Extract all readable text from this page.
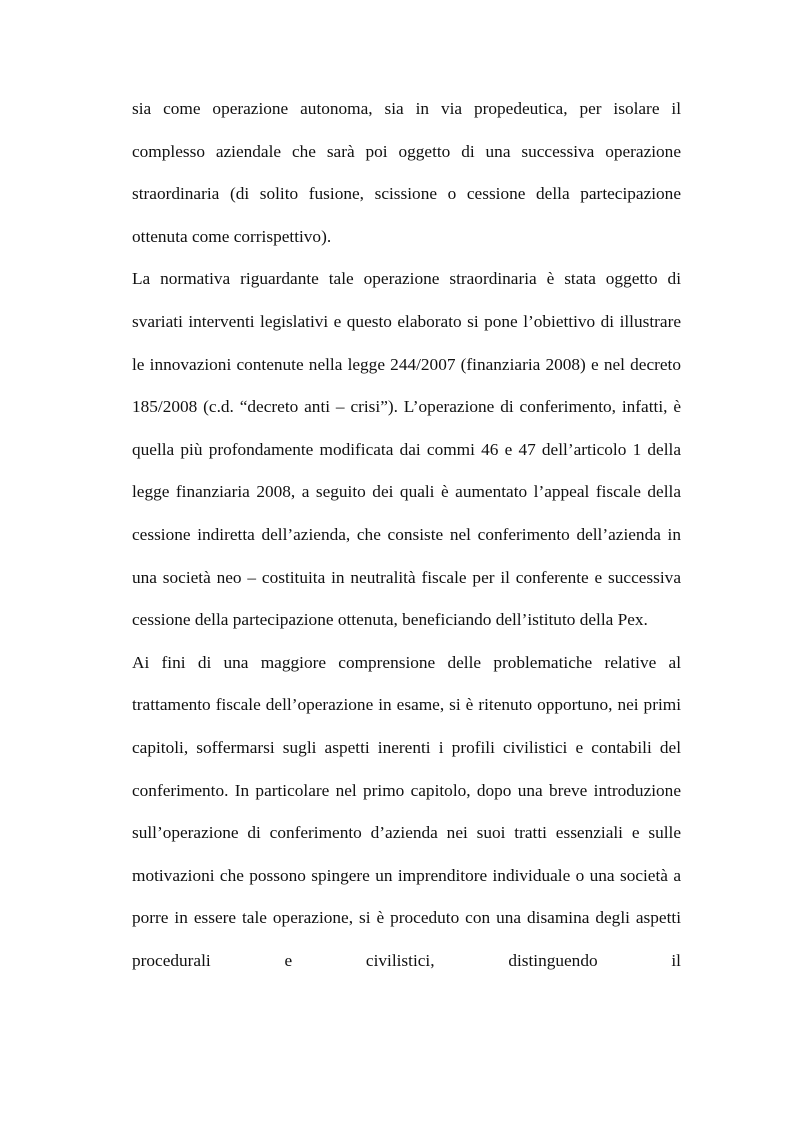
sia come operazione autonoma, sia in via propedeutica, per isolare il complesso aziendale che sarà poi oggetto di una successiva operazione straordinaria (di solito fusione, scissione o cessione della partecipazione ottenuta come corrispettivo).

La normativa riguardante tale operazione straordinaria è stata oggetto di svariati interventi legislativi e questo elaborato si pone l’obiettivo di illustrare le innovazioni contenute nella legge 244/2007 (finanziaria 2008) e nel decreto 185/2008 (c.d. “decreto anti – crisi”). L’operazione di conferimento, infatti, è quella più profondamente modificata dai commi 46 e 47 dell’articolo 1 della legge finanziaria 2008, a seguito dei quali è aumentato l’appeal fiscale della cessione indiretta dell’azienda, che consiste nel conferimento dell’azienda in una società neo – costituita in neutralità fiscale per il conferente e successiva cessione della partecipazione ottenuta, beneficiando dell’istituto della Pex.

Ai fini di una maggiore comprensione delle problematiche relative al trattamento fiscale dell’operazione in esame, si è ritenuto opportuno, nei primi capitoli, soffermarsi sugli aspetti inerenti i profili civilistici e contabili del conferimento. In particolare nel primo capitolo, dopo una breve introduzione sull’operazione di conferimento d’azienda nei suoi tratti essenziali e sulle motivazioni che possono spingere un imprenditore individuale o una società a porre in essere tale operazione, si è proceduto con una disamina degli aspetti procedurali e civilistici, distinguendo il
